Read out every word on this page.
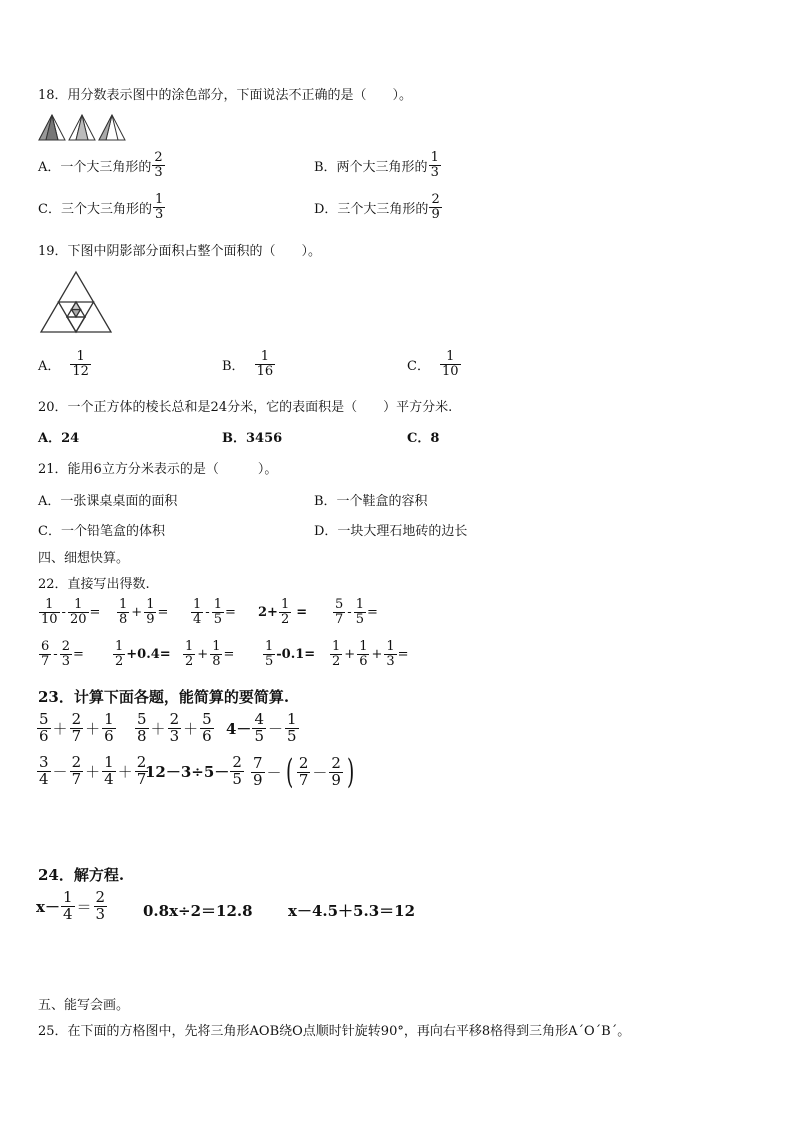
18．用分数表示图中的涂色部分，下面说法不正确的是（　　）。
A．一个大三角形的 $\frac{2}{3}$	B．两个大三角形的 $\frac{1}{3}$
C．三个大三角形的 $\frac{1}{3}$	D．三个大三角形的 $\frac{2}{9}$
19．下图中阴影部分面积占整个面积的（　　）。
A． $\frac{1}{12}$	B． $\frac{1}{16}$	C． $\frac{1}{10}$
20．一个正方体的棱长总和是24分米，它的表面积是（　　）平方分米.
A．24	B．3456	C．8
21．能用6立方分米表示的是（　　　）。
A．一张课桌桌面的面积	B．一个鞋盒的容积
C．一个铅笔盒的体积	D．一块大理石地砖的边长
四、细想快算。
22．直接写出得数.
$\frac{1}{10} - \frac{1}{20} = \frac{1}{8} + \frac{1}{9} = \frac{1}{4} - \frac{1}{5} = 2+ \frac{1}{2} = \frac{5}{7} - \frac{1}{5}$ =
$\frac{6}{7} - \frac{2}{3} = \frac{1}{2} +0.4= \frac{1}{2} + \frac{1}{8} = \frac{1}{5} -0.1= \frac{1}{2} + \frac{1}{6} + \frac{1}{3}$ =
23．计算下面各题，能简算的要简算.
$\frac{5}{6} + \frac{2}{7} + \frac{1}{6} \frac{5}{8} + \frac{2}{3} + \frac{5}{6} 4- \frac{4}{5} - \frac{1}{5}$
$\frac{3}{4} - \frac{2}{7} + \frac{1}{4} + \frac{2}{7}$
$12-3\div 5- \frac{2}{5} \frac{7}{9}$ － ( $\frac{2}{7} - \frac{2}{9}$ )
24．解方程.
$x- \frac{1}{4} = \frac{2}{3} 0.8x\div 2=12.8$ x－4.5＋5.3＝12
五、能写会画。
25．在下面的方格图中，先将三角形AOB绕O点顺时针旋转90°，再向右平移8格得到三角形A´O´B´。
